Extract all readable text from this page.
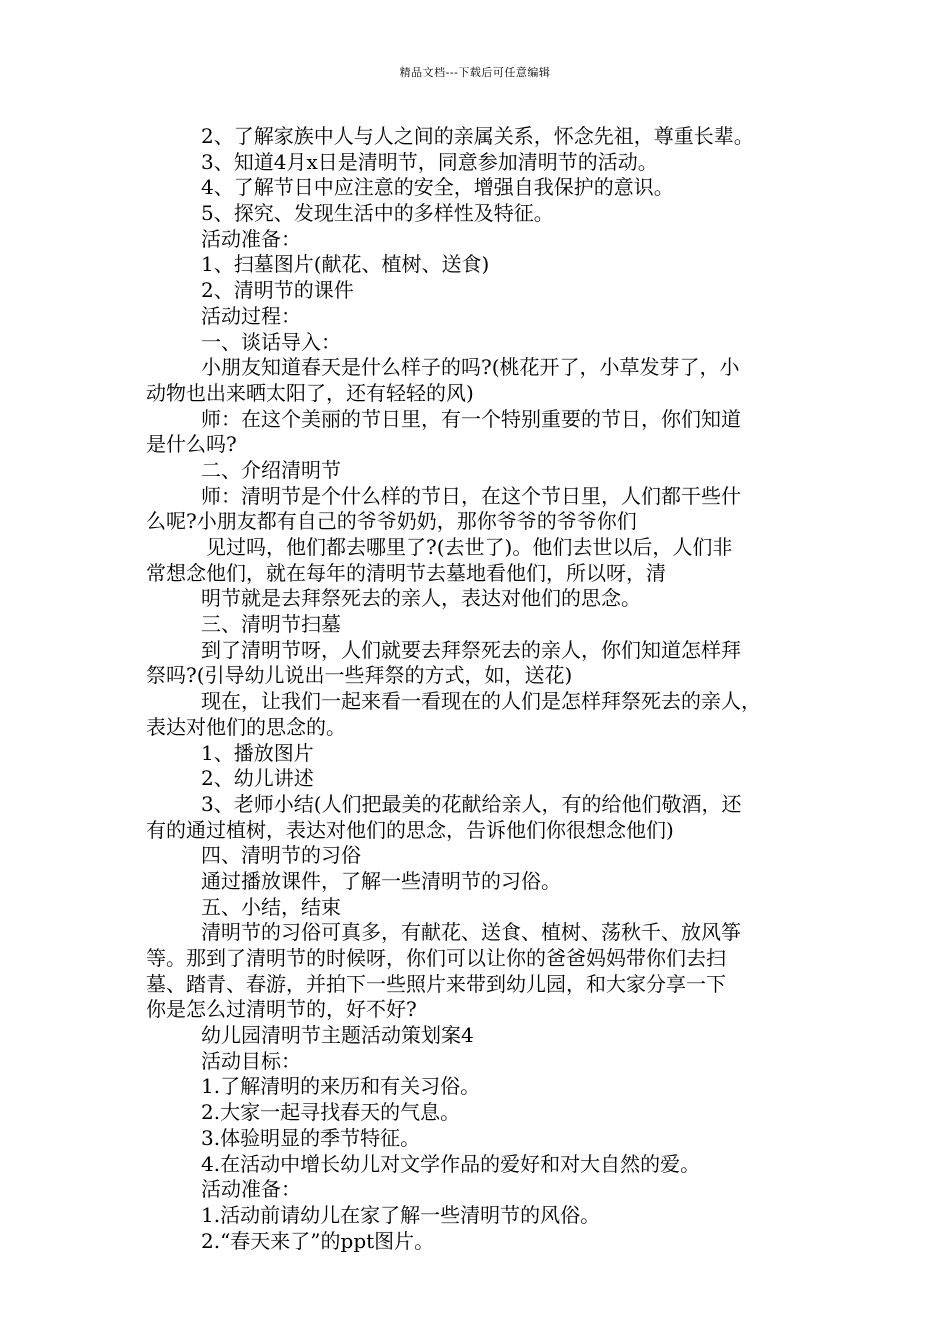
精品文档---下载后可任意编辑
2、了解家族中人与人之间的亲属关系，怀念先祖，尊重长辈。
3、知道4月x日是清明节，同意参加清明节的活动。
4、了解节日中应注意的安全，增强自我保护的意识。
5、探究、发现生活中的多样性及特征。
活动准备：
1、扫墓图片(献花、植树、送食)
2、清明节的课件
活动过程：
一、谈话导入：
小朋友知道春天是什么样子的吗?(桃花开了，小草发芽了，小
动物也出来晒太阳了，还有轻轻的风)
师：在这个美丽的节日里，有一个特别重要的节日，你们知道
是什么吗?
二、介绍清明节
师：清明节是个什么样的节日，在这个节日里，人们都干些什
么呢?小朋友都有自己的爷爷奶奶，那你爷爷的爷爷你们
见过吗，他们都去哪里了?(去世了)。他们去世以后，人们非
常想念他们，就在每年的清明节去墓地看他们，所以呀，清
明节就是去拜祭死去的亲人，表达对他们的思念。
三、清明节扫墓
到了清明节呀，人们就要去拜祭死去的亲人，你们知道怎样拜
祭吗?(引导幼儿说出一些拜祭的方式，如，送花)
现在，让我们一起来看一看现在的人们是怎样拜祭死去的亲人，
表达对他们的思念的。
1、播放图片
2、幼儿讲述
3、老师小结(人们把最美的花献给亲人，有的给他们敬酒，还
有的通过植树，表达对他们的思念，告诉他们你很想念他们)
四、清明节的习俗
通过播放课件，了解一些清明节的习俗。
五、小结，结束
清明节的习俗可真多，有献花、送食、植树、荡秋千、放风筝
等。那到了清明节的时候呀，你们可以让你的爸爸妈妈带你们去扫
墓、踏青、春游，并拍下一些照片来带到幼儿园，和大家分享一下
你是怎么过清明节的，好不好?
幼儿园清明节主题活动策划案4
活动目标：
1.了解清明的来历和有关习俗。
2.大家一起寻找春天的气息。
3.体验明显的季节特征。
4.在活动中增长幼儿对文学作品的爱好和对大自然的爱。
活动准备：
1.活动前请幼儿在家了解一些清明节的风俗。
2.“春天来了”的ppt图片。
